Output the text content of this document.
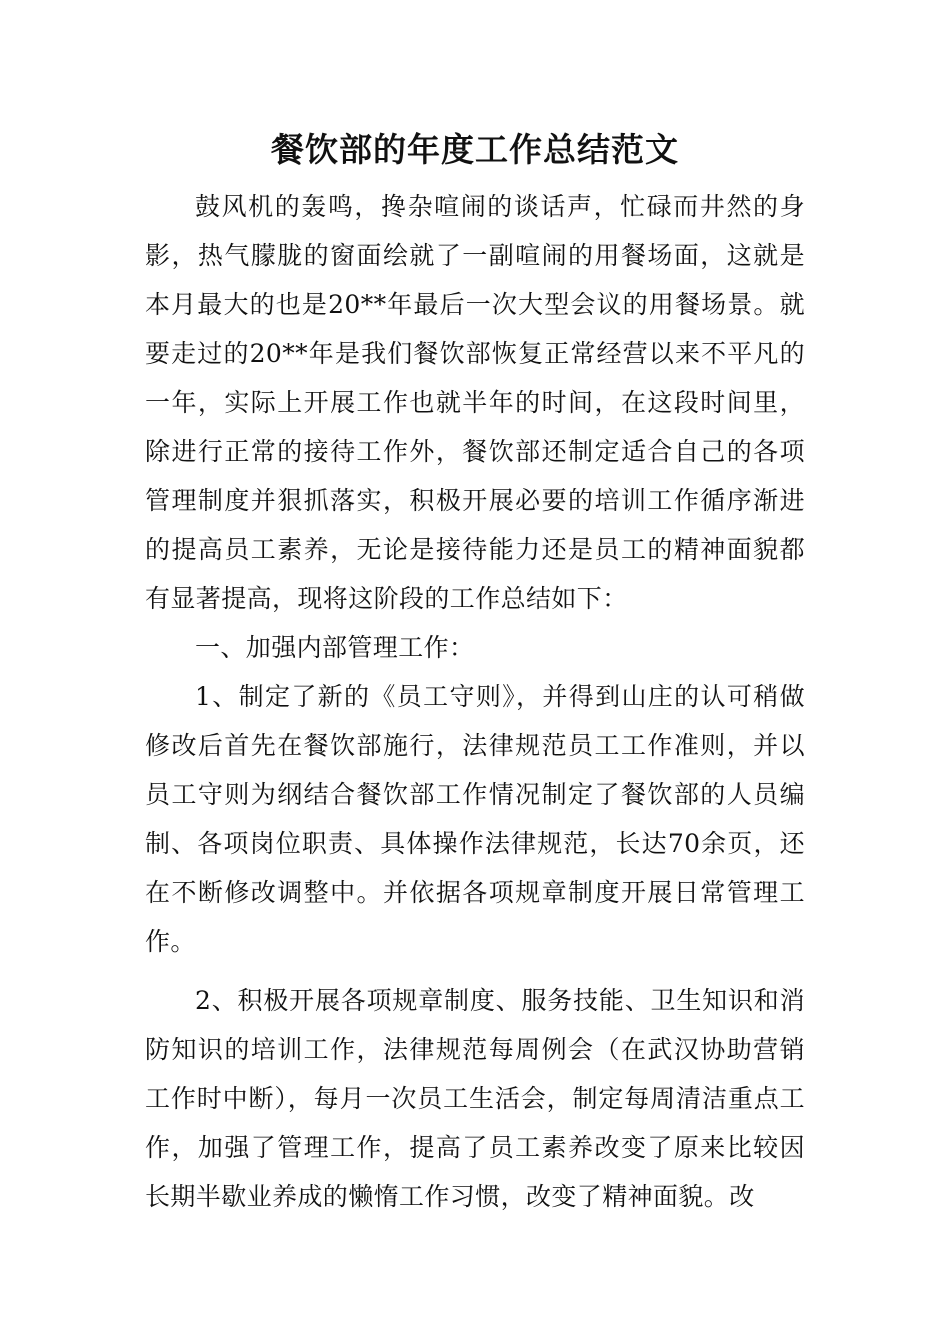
餐饮部的年度工作总结范文

鼓风机的轰鸣，搀杂喧闹的谈话声，忙碌而井然的身影，热气朦胧的窗面绘就了一副喧闹的用餐场面，这就是本月最大的也是20**年最后一次大型会议的用餐场景。就要走过的20**年是我们餐饮部恢复正常经营以来不平凡的一年，实际上开展工作也就半年的时间，在这段时间里，除进行正常的接待工作外，餐饮部还制定适合自己的各项管理制度并狠抓落实，积极开展必要的培训工作循序渐进的提高员工素养，无论是接待能力还是员工的精神面貌都有显著提高，现将这阶段的工作总结如下：

一、加强内部管理工作：

1、制定了新的《员工守则》，并得到山庄的认可稍做修改后首先在餐饮部施行，法律规范员工工作准则，并以员工守则为纲结合餐饮部工作情况制定了餐饮部的人员编制、各项岗位职责、具体操作法律规范，长达70余页，还在不断修改调整中。并依据各项规章制度开展日常管理工作。

2、积极开展各项规章制度、服务技能、卫生知识和消防知识的培训工作，法律规范每周例会（在武汉协助营销工作时中断），每月一次员工生活会，制定每周清洁重点工作，加强了管理工作，提高了员工素养改变了原来比较因长期半歇业养成的懒惰工作习惯，改变了精神面貌。改
